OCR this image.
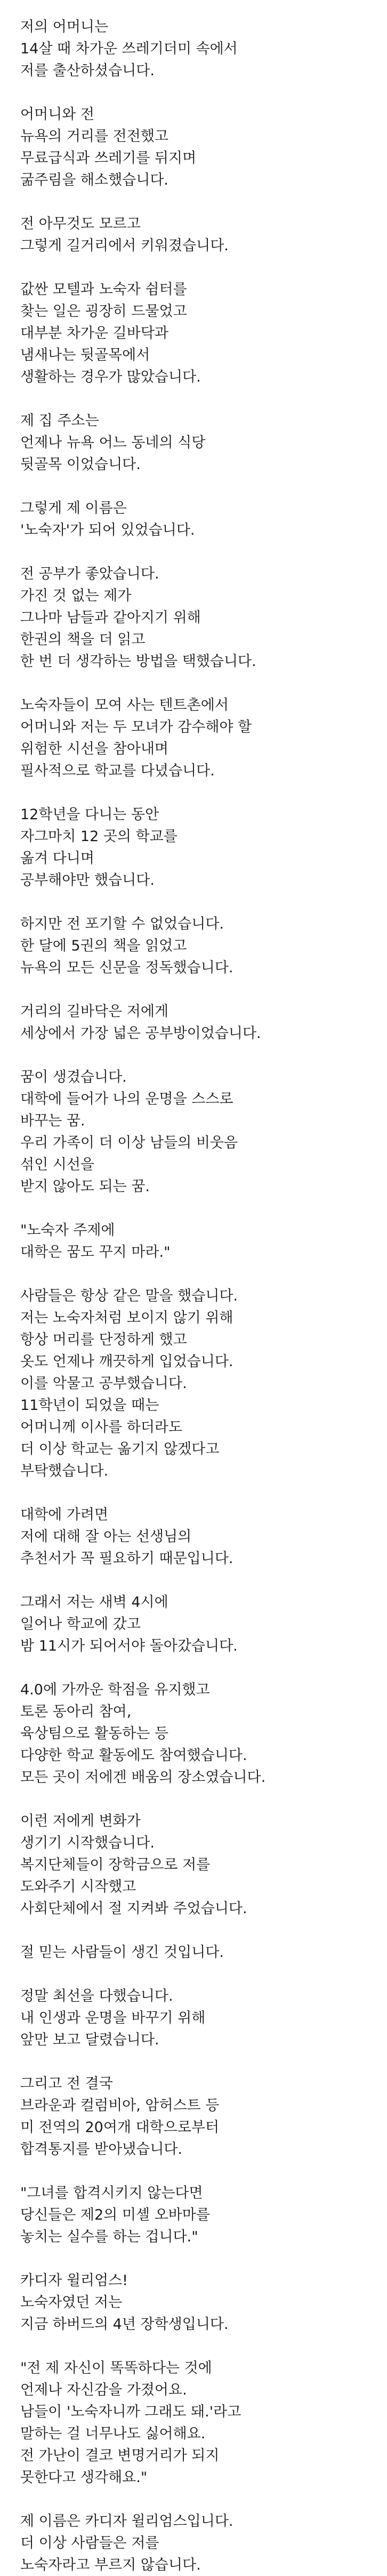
저의 어머니는
14살 때 차가운 쓰레기더미 속에서
저를 출산하셨습니다.
어머니와 전
뉴욕의 거리를 전전했고
무료급식과 쓰레기를 뒤지며
굶주림을 해소했습니다.
전 아무것도 모르고
그렇게 길거리에서 키워졌습니다.
값싼 모텔과 노숙자 쉼터를
찾는 일은 굉장히 드물었고
대부분 차가운 길바닥과
냄새나는 뒷골목에서
생활하는 경우가 많았습니다.
제 집 주소는
언제나 뉴욕 어느 동네의 식당
뒷골목 이었습니다.
그렇게 제 이름은
'노숙자'가 되어 있었습니다.
전 공부가 좋았습니다.
가진 것 없는 제가
그나마 남들과 같아지기 위해
한권의 책을 더 읽고
한 번 더 생각하는 방법을 택했습니다.
노숙자들이 모여 사는 텐트촌에서
어머니와 저는 두 모녀가 감수해야 할
위험한 시선을 참아내며
필사적으로 학교를 다녔습니다.
12학년을 다니는 동안
자그마치 12 곳의 학교를
옮겨 다니며
공부해야만 했습니다.
하지만 전 포기할 수 없었습니다.
한 달에 5권의 책을 읽었고
뉴욕의 모든 신문을 정독했습니다.
거리의 길바닥은 저에게
세상에서 가장 넓은 공부방이었습니다.
꿈이 생겼습니다.
대학에 들어가 나의 운명을 스스로
바꾸는 꿈.
우리 가족이 더 이상 남들의 비웃음
섞인 시선을
받지 않아도 되는 꿈.
"노숙자 주제에
대학은 꿈도 꾸지 마라."
사람들은 항상 같은 말을 했습니다.
저는 노숙자처럼 보이지 않기 위해
항상 머리를 단정하게 했고
옷도 언제나 깨끗하게 입었습니다.
이를 악물고 공부했습니다.
11학년이 되었을 때는
어머니께 이사를 하더라도
더 이상 학교는 옮기지 않겠다고
부탁했습니다.
대학에 가려면
저에 대해 잘 아는 선생님의
추천서가 꼭 필요하기 때문입니다.
그래서 저는 새벽 4시에
일어나 학교에 갔고
밤 11시가 되어서야 돌아갔습니다.
4.0에 가까운 학점을 유지했고
토론 동아리 참여,
육상팀으로 활동하는 등
다양한 학교 활동에도 참여했습니다.
모든 곳이 저에겐 배움의 장소였습니다.
이런 저에게 변화가
생기기 시작했습니다.
복지단체들이 장학금으로 저를
도와주기 시작했고
사회단체에서 절 지켜봐 주었습니다.
절 믿는 사람들이 생긴 것입니다.
정말 최선을 다했습니다.
내 인생과 운명을 바꾸기 위해
앞만 보고 달렸습니다.
그리고 전 결국
브라운과 컬럼비아, 암허스트 등
미 전역의 20여개 대학으로부터
합격통지를 받아냈습니다.
"그녀를 합격시키지 않는다면
당신들은 제2의 미셸 오바마를
놓치는 실수를 하는 겁니다."
카디자 윌리엄스!
노숙자였던 저는
지금 하버드의 4년 장학생입니다.
"전 제 자신이 똑똑하다는 것에
언제나 자신감을 가졌어요.
남들이 '노숙자니까 그래도 돼.'라고
말하는 걸 너무나도 싫어해요.
전 가난이 결코 변명거리가 되지
못한다고 생각해요."
제 이름은 카디자 윌리엄스입니다.
더 이상 사람들은 저를
노숙자라고 부르지 않습니다.
